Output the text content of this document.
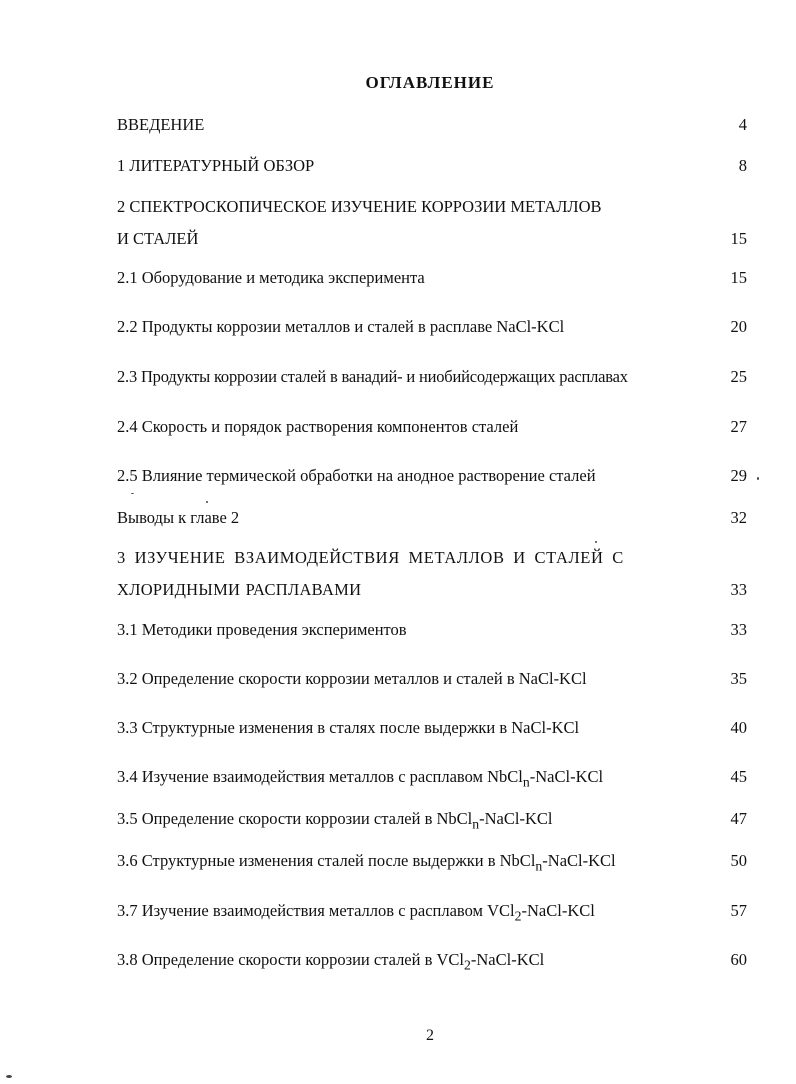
ОГЛАВЛЕНИЕ
ВВЕДЕНИЕ	4
1 ЛИТЕРАТУРНЫЙ ОБЗОР	8
2 СПЕКТРОСКОПИЧЕСКОЕ ИЗУЧЕНИЕ КОРРОЗИИ МЕТАЛЛОВ
И СТАЛЕЙ	15
2.1 Оборудование и методика эксперимента	15
2.2 Продукты коррозии металлов и сталей в расплаве NaCl-KCl	20
2.3 Продукты коррозии сталей в ванадий- и ниобийсодержащих расплавах	25
2.4 Скорость и порядок растворения компонентов сталей	27
2.5 Влияние термической обработки на анодное растворение сталей	29
Выводы к главе 2	32
3 ИЗУЧЕНИЕ ВЗАИМОДЕЙСТВИЯ МЕТАЛЛОВ И СТАЛЕЙ С
ХЛОРИДНЫМИ РАСПЛАВАМИ	33
3.1 Методики проведения экспериментов	33
3.2 Определение скорости коррозии металлов и сталей в NaCl-KCl	35
3.3 Структурные изменения в сталях после выдержки в NaCl-KCl	40
3.4 Изучение взаимодействия металлов с расплавом NbCl$_n$-NaCl-KCl	45
3.5 Определение скорости коррозии сталей в NbCl$_n$-NaCl-KCl	47
3.6 Структурные изменения сталей после выдержки в NbCl$_n$-NaCl-KCl	50
3.7 Изучение взаимодействия металлов с расплавом VCl$_2$-NaCl-KCl	57
3.8 Определение скорости коррозии сталей в VCl$_2$-NaCl-KCl	60
2
